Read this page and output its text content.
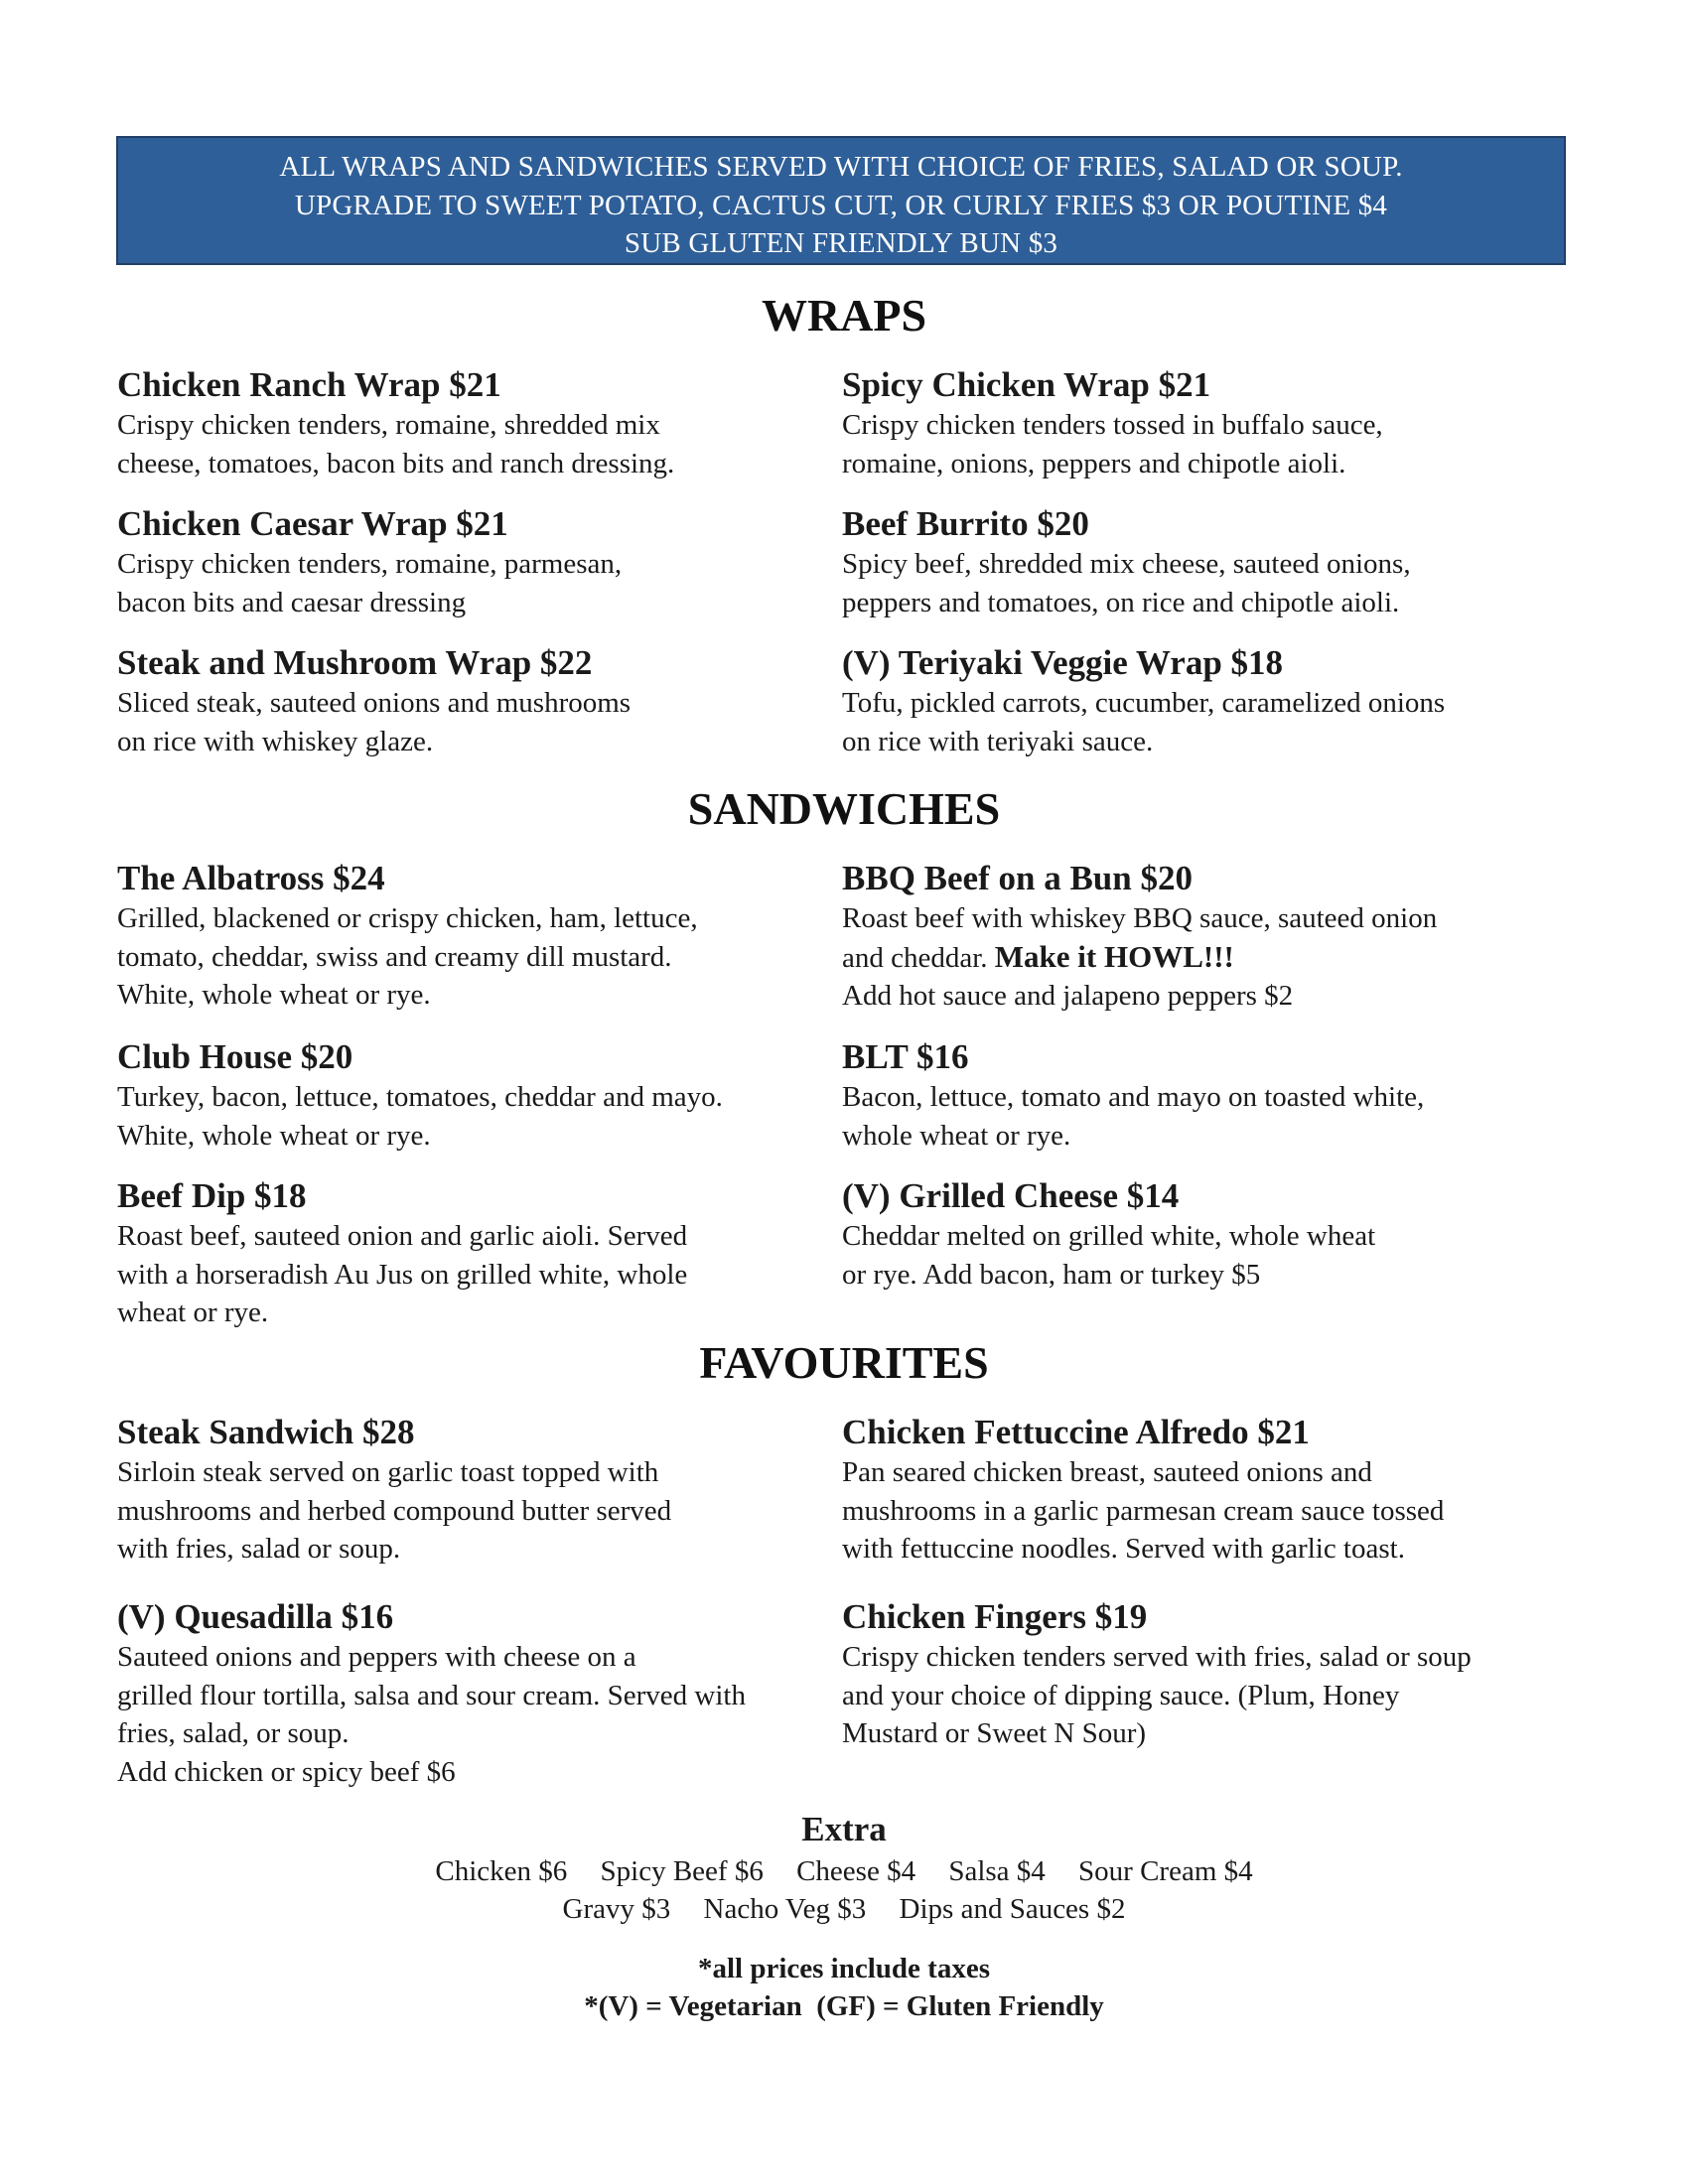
ALL WRAPS AND SANDWICHES SERVED WITH CHOICE OF FRIES, SALAD OR SOUP.
UPGRADE TO SWEET POTATO, CACTUS CUT, OR CURLY FRIES $3 OR POUTINE $4
SUB GLUTEN FRIENDLY BUN $3
WRAPS
Chicken Ranch Wrap $21
Crispy chicken tenders, romaine, shredded mix
cheese, tomatoes, bacon bits and ranch dressing.
Spicy Chicken Wrap $21
Crispy chicken tenders tossed in buffalo sauce,
romaine, onions, peppers and chipotle aioli.
Chicken Caesar Wrap $21
Crispy chicken tenders, romaine, parmesan,
bacon bits and caesar dressing
Beef Burrito $20
Spicy beef, shredded mix cheese, sauteed onions,
peppers and tomatoes, on rice and chipotle aioli.
Steak and Mushroom Wrap $22
Sliced steak, sauteed onions and mushrooms
on rice with whiskey glaze.
(V) Teriyaki Veggie Wrap $18
Tofu, pickled carrots, cucumber, caramelized onions
on rice with teriyaki sauce.
SANDWICHES
The Albatross $24
Grilled, blackened or crispy chicken, ham, lettuce,
tomato, cheddar, swiss and creamy dill mustard.
White, whole wheat or rye.
BBQ Beef on a Bun $20
Roast beef with whiskey BBQ sauce, sauteed onion
and cheddar. Make it HOWL!!!
Add hot sauce and jalapeno peppers $2
Club House $20
Turkey, bacon, lettuce, tomatoes, cheddar and mayo.
White, whole wheat or rye.
BLT $16
Bacon, lettuce, tomato and mayo on toasted white,
whole wheat or rye.
Beef Dip $18
Roast beef, sauteed onion and garlic aioli. Served
with a horseradish Au Jus on grilled white, whole
wheat or rye.
(V) Grilled Cheese $14
Cheddar melted on grilled white, whole wheat
or rye. Add bacon, ham or turkey $5
FAVOURITES
Steak Sandwich $28
Sirloin steak served on garlic toast topped with
mushrooms and herbed compound butter served
with fries, salad or soup.
Chicken Fettuccine Alfredo $21
Pan seared chicken breast, sauteed onions and
mushrooms in a garlic parmesan cream sauce tossed
with fettuccine noodles. Served with garlic toast.
(V) Quesadilla $16
Sauteed onions and peppers with cheese on a
grilled flour tortilla, salsa and sour cream. Served with
fries, salad, or soup.
Add chicken or spicy beef $6
Chicken Fingers $19
Crispy chicken tenders served with fries, salad or soup
and your choice of dipping sauce. (Plum, Honey
Mustard or Sweet N Sour)
Extra
Chicken $6 Spicy Beef $6 Cheese $4 Salsa $4 Sour Cream $4
Gravy $3 Nacho Veg $3 Dips and Sauces $2
*all prices include taxes
*(V) = Vegetarian  (GF) = Gluten Friendly
